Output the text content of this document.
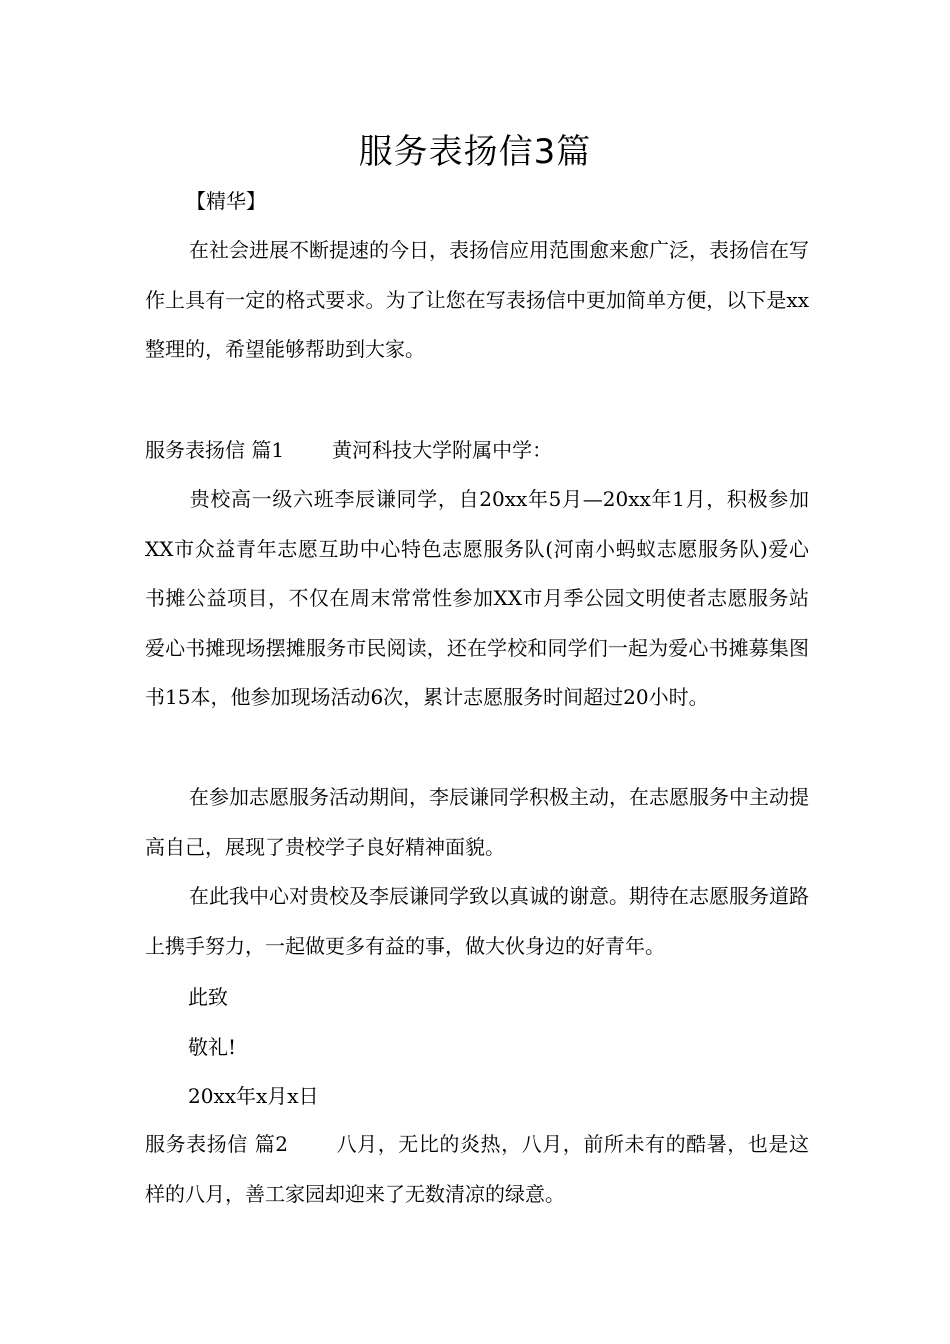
服务表扬信3篇
【精华】

在社会进展不断提速的今日，表扬信应用范围愈来愈广泛，表扬信在写作上具有一定的格式要求。为了让您在写表扬信中更加简单方便，以下是xx整理的，希望能够帮助到大家。

服务表扬信 篇1 黄河科技大学附属中学：

贵校高一级六班李辰谦同学，自20xx年5月—20xx年1月，积极参加XX市众益青年志愿互助中心特色志愿服务队(河南小蚂蚁志愿服务队)爱心书摊公益项目，不仅在周末常常性参加XX市月季公园文明使者志愿服务站爱心书摊现场摆摊服务市民阅读，还在学校和同学们一起为爱心书摊募集图书15本，他参加现场活动6次，累计志愿服务时间超过20小时。

在参加志愿服务活动期间，李辰谦同学积极主动，在志愿服务中主动提高自己，展现了贵校学子良好精神面貌。

在此我中心对贵校及李辰谦同学致以真诚的谢意。期待在志愿服务道路上携手努力，一起做更多有益的事，做大伙身边的好青年。

此致
敬礼!
20xx年x月x日

服务表扬信 篇2 八月，无比的炎热，八月，前所未有的酷暑，也是这样的八月，善工家园却迎来了无数清凉的绿意。
